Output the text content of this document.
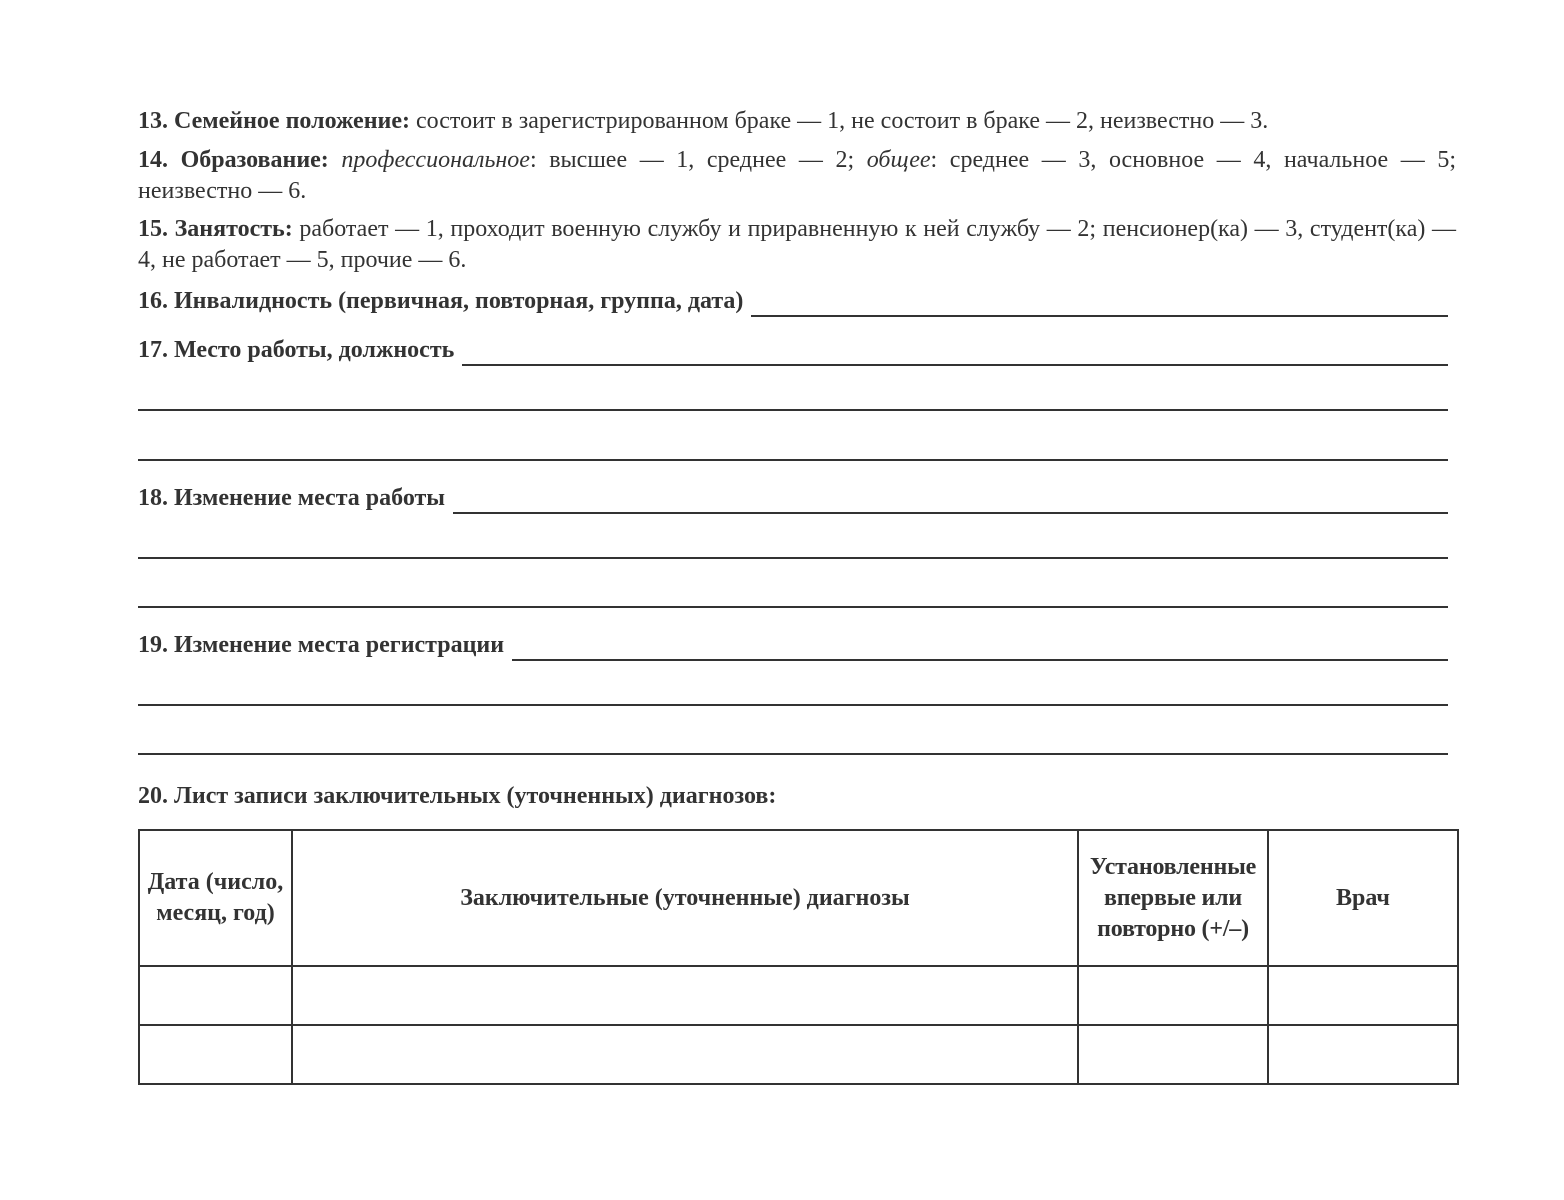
13. Семейное положение: состоит в зарегистрированном браке — 1, не состоит в браке — 2, неизвестно — 3.
14. Образование: профессиональное: высшее — 1, среднее — 2; общее: среднее — 3, основное — 4, начальное — 5; неизвестно — 6.
15. Занятость: работает — 1, проходит военную службу и приравненную к ней службу — 2; пенсионер(ка) — 3, студент(ка) — 4, не работает — 5, прочие — 6.
16. Инвалидность (первичная, повторная, группа, дата)
17. Место работы, должность
18. Изменение места работы
19. Изменение места регистрации
20. Лист записи заключительных (уточненных) диагнозов:
Дата (число, месяц, год)	Заключительные (уточненные) диагнозы	Установленные впервые или повторно (+/–)	Врач
